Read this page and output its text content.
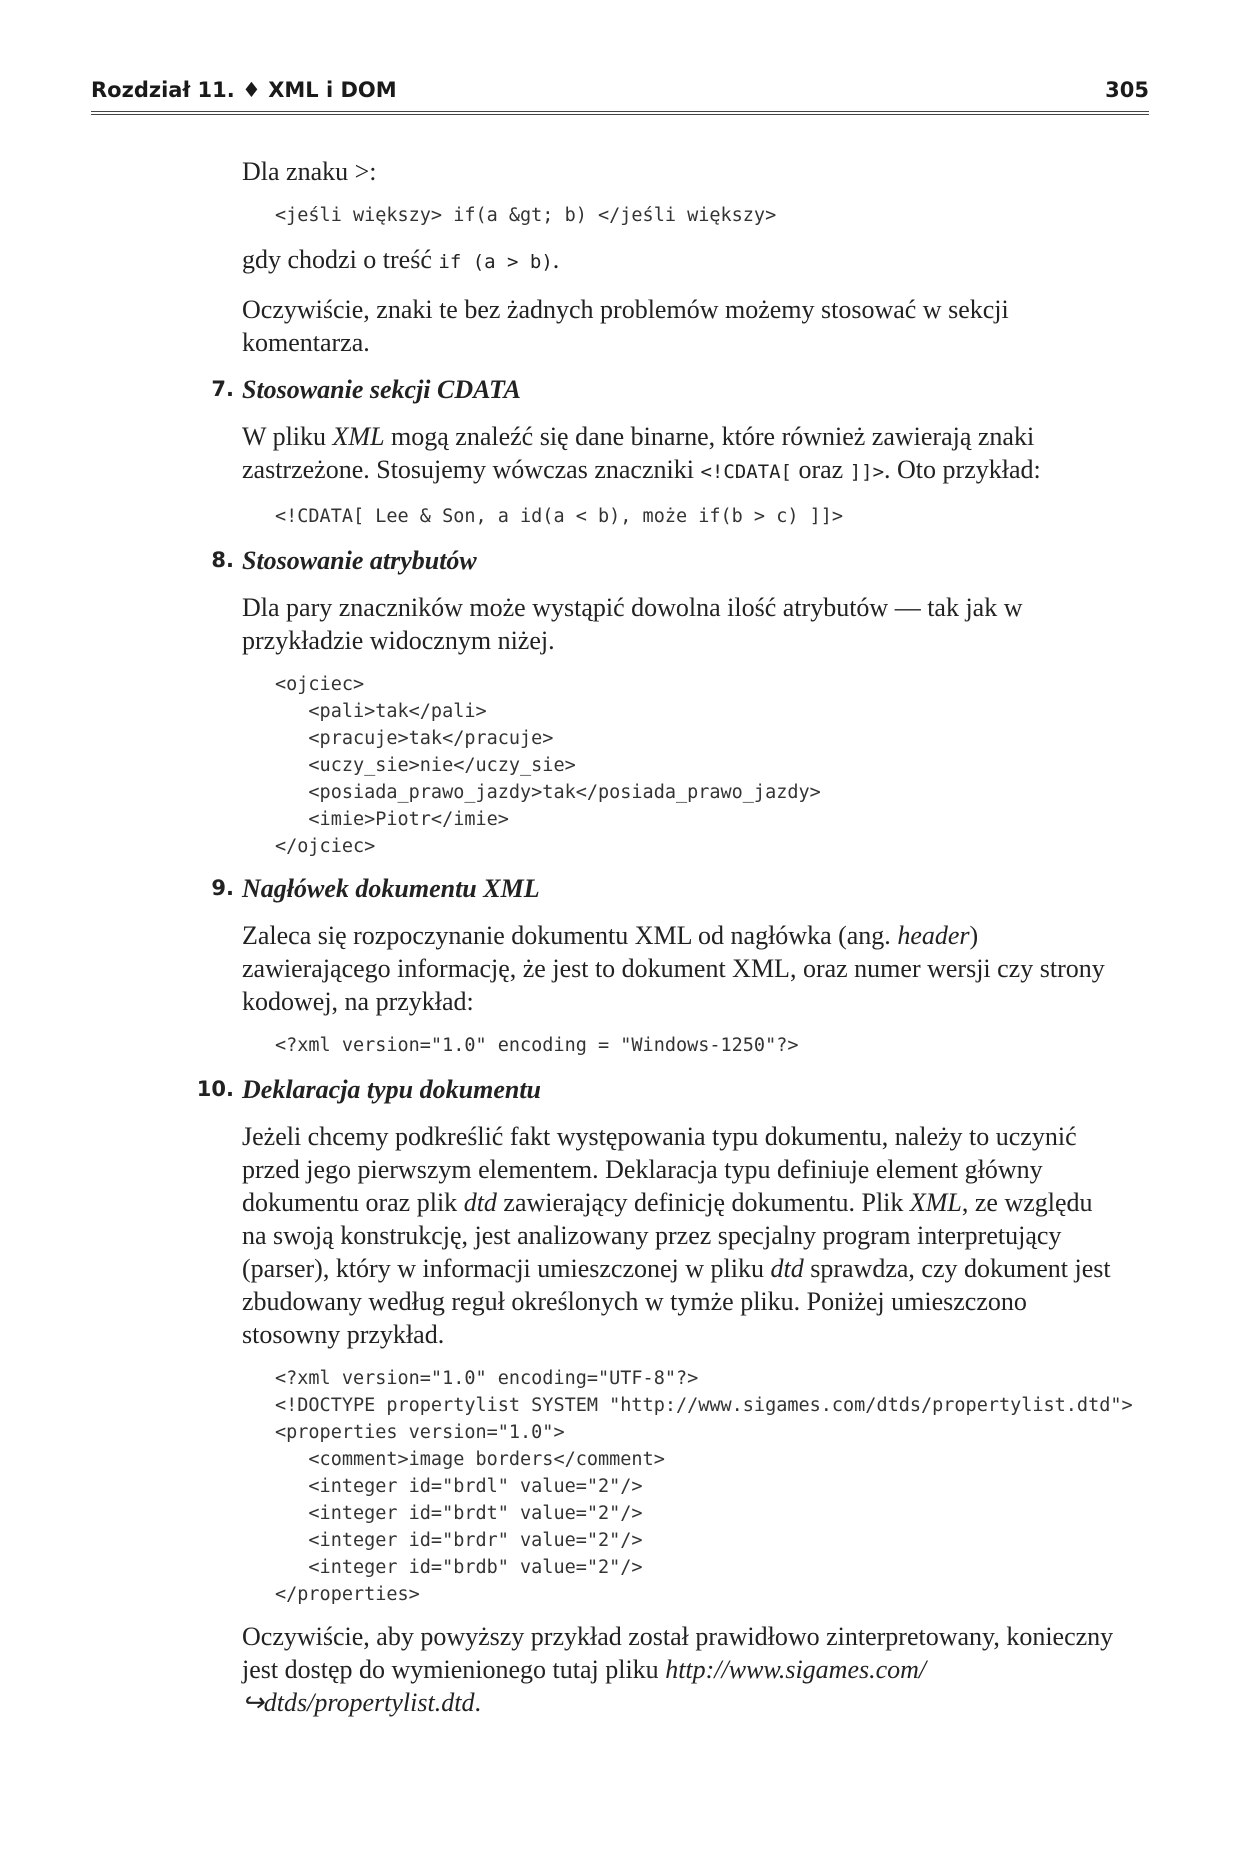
Rozdział 11. ♦ XML i DOM	305

Dla znaku >:

<jeśli większy> if(a &gt; b) </jeśli większy>

gdy chodzi o treść if (a > b).

Oczywiście, znaki te bez żadnych problemów możemy stosować w sekcji komentarza.

7. Stosowanie sekcji CDATA

W pliku XML mogą znaleźć się dane binarne, które również zawierają znaki zastrzeżone. Stosujemy wówczas znaczniki <!CDATA[ oraz ]]>. Oto przykład:

<!CDATA[ Lee & Son, a id(a < b), może if(b > c) ]]>
8. Stosowanie atrybutów

Dla pary znaczników może wystąpić dowolna ilość atrybutów — tak jak w przykładzie widocznym niżej.

<ojciec>
<pali>tak</pali>
<pracuje>tak</pracuje>
<uczy_sie>nie</uczy_sie>
<posiada_prawo_jazdy>tak</posiada_prawo_jazdy>
<imie>Piotr</imie>
</ojciec>
9. Nagłówek dokumentu XML

Zaleca się rozpoczynanie dokumentu XML od nagłówka (ang. header) zawierającego informację, że jest to dokument XML, oraz numer wersji czy strony kodowej, na przykład:

<?xml version="1.0" encoding = "Windows-1250"?>
10. Deklaracja typu dokumentu

Jeżeli chcemy podkreślić fakt występowania typu dokumentu, należy to uczynić przed jego pierwszym elementem. Deklaracja typu definiuje element główny dokumentu oraz plik dtd zawierający definicję dokumentu. Plik XML, ze względu na swoją konstrukcję, jest analizowany przez specjalny program interpretujący (parser), który w informacji umieszczonej w pliku dtd sprawdza, czy dokument jest zbudowany według reguł określonych w tymże pliku. Poniżej umieszczono stosowny przykład.

<?xml version="1.0" encoding="UTF-8"?>
<!DOCTYPE propertylist SYSTEM "http://www.sigames.com/dtds/propertylist.dtd">
<properties version="1.0">
<comment>image borders</comment>
<integer id="brdl" value="2"/>
<integer id="brdt" value="2"/>
<integer id="brdr" value="2"/>
<integer id="brdb" value="2"/>
</properties>

Oczywiście, aby powyższy przykład został prawidłowo zinterpretowany, konieczny jest dostęp do wymienionego tutaj pliku http://www.sigames.com/
↪dtds/propertylist.dtd.
